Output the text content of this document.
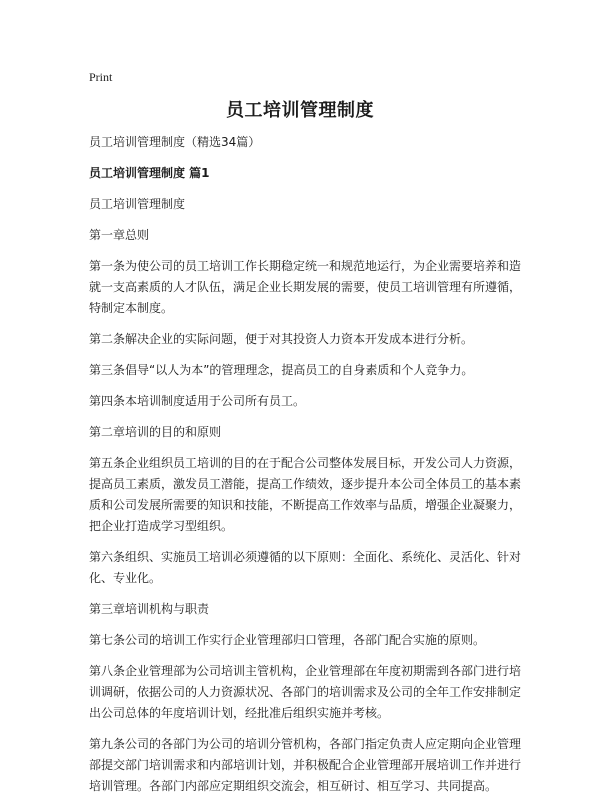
Print
员工培训管理制度

员工培训管理制度（精选34篇）

员工培训管理制度 篇1

员工培训管理制度

第一章总则

第一条为使公司的员工培训工作长期稳定统一和规范地运行，为企业需要培养和造就一支高素质的人才队伍，满足企业长期发展的需要，使员工培训管理有所遵循，特制定本制度。

第二条解决企业的实际问题，便于对其投资人力资本开发成本进行分析。

第三条倡导“以人为本”的管理理念，提高员工的自身素质和个人竞争力。

第四条本培训制度适用于公司所有员工。

第二章培训的目的和原则

第五条企业组织员工培训的目的在于配合公司整体发展目标，开发公司人力资源，提高员工素质，激发员工潜能，提高工作绩效，逐步提升本公司全体员工的基本素质和公司发展所需要的知识和技能，不断提高工作效率与品质，增强企业凝聚力，把企业打造成学习型组织。

第六条组织、实施员工培训必须遵循的以下原则：全面化、系统化、灵活化、针对化、专业化。

第三章培训机构与职责

第七条公司的培训工作实行企业管理部归口管理，各部门配合实施的原则。

第八条企业管理部为公司培训主管机构，企业管理部在年度初期需到各部门进行培训调研，依据公司的人力资源状况、各部门的培训需求及公司的全年工作安排制定出公司总体的年度培训计划，经批准后组织实施并考核。

第九条公司的各部门为公司的培训分管机构，各部门指定负责人应定期向企业管理部提交部门培训需求和内部培训计划，并积极配合企业管理部开展培训工作并进行培训管理。各部门内部应定期组织交流会，相互研讨、相互学习、共同提高。
